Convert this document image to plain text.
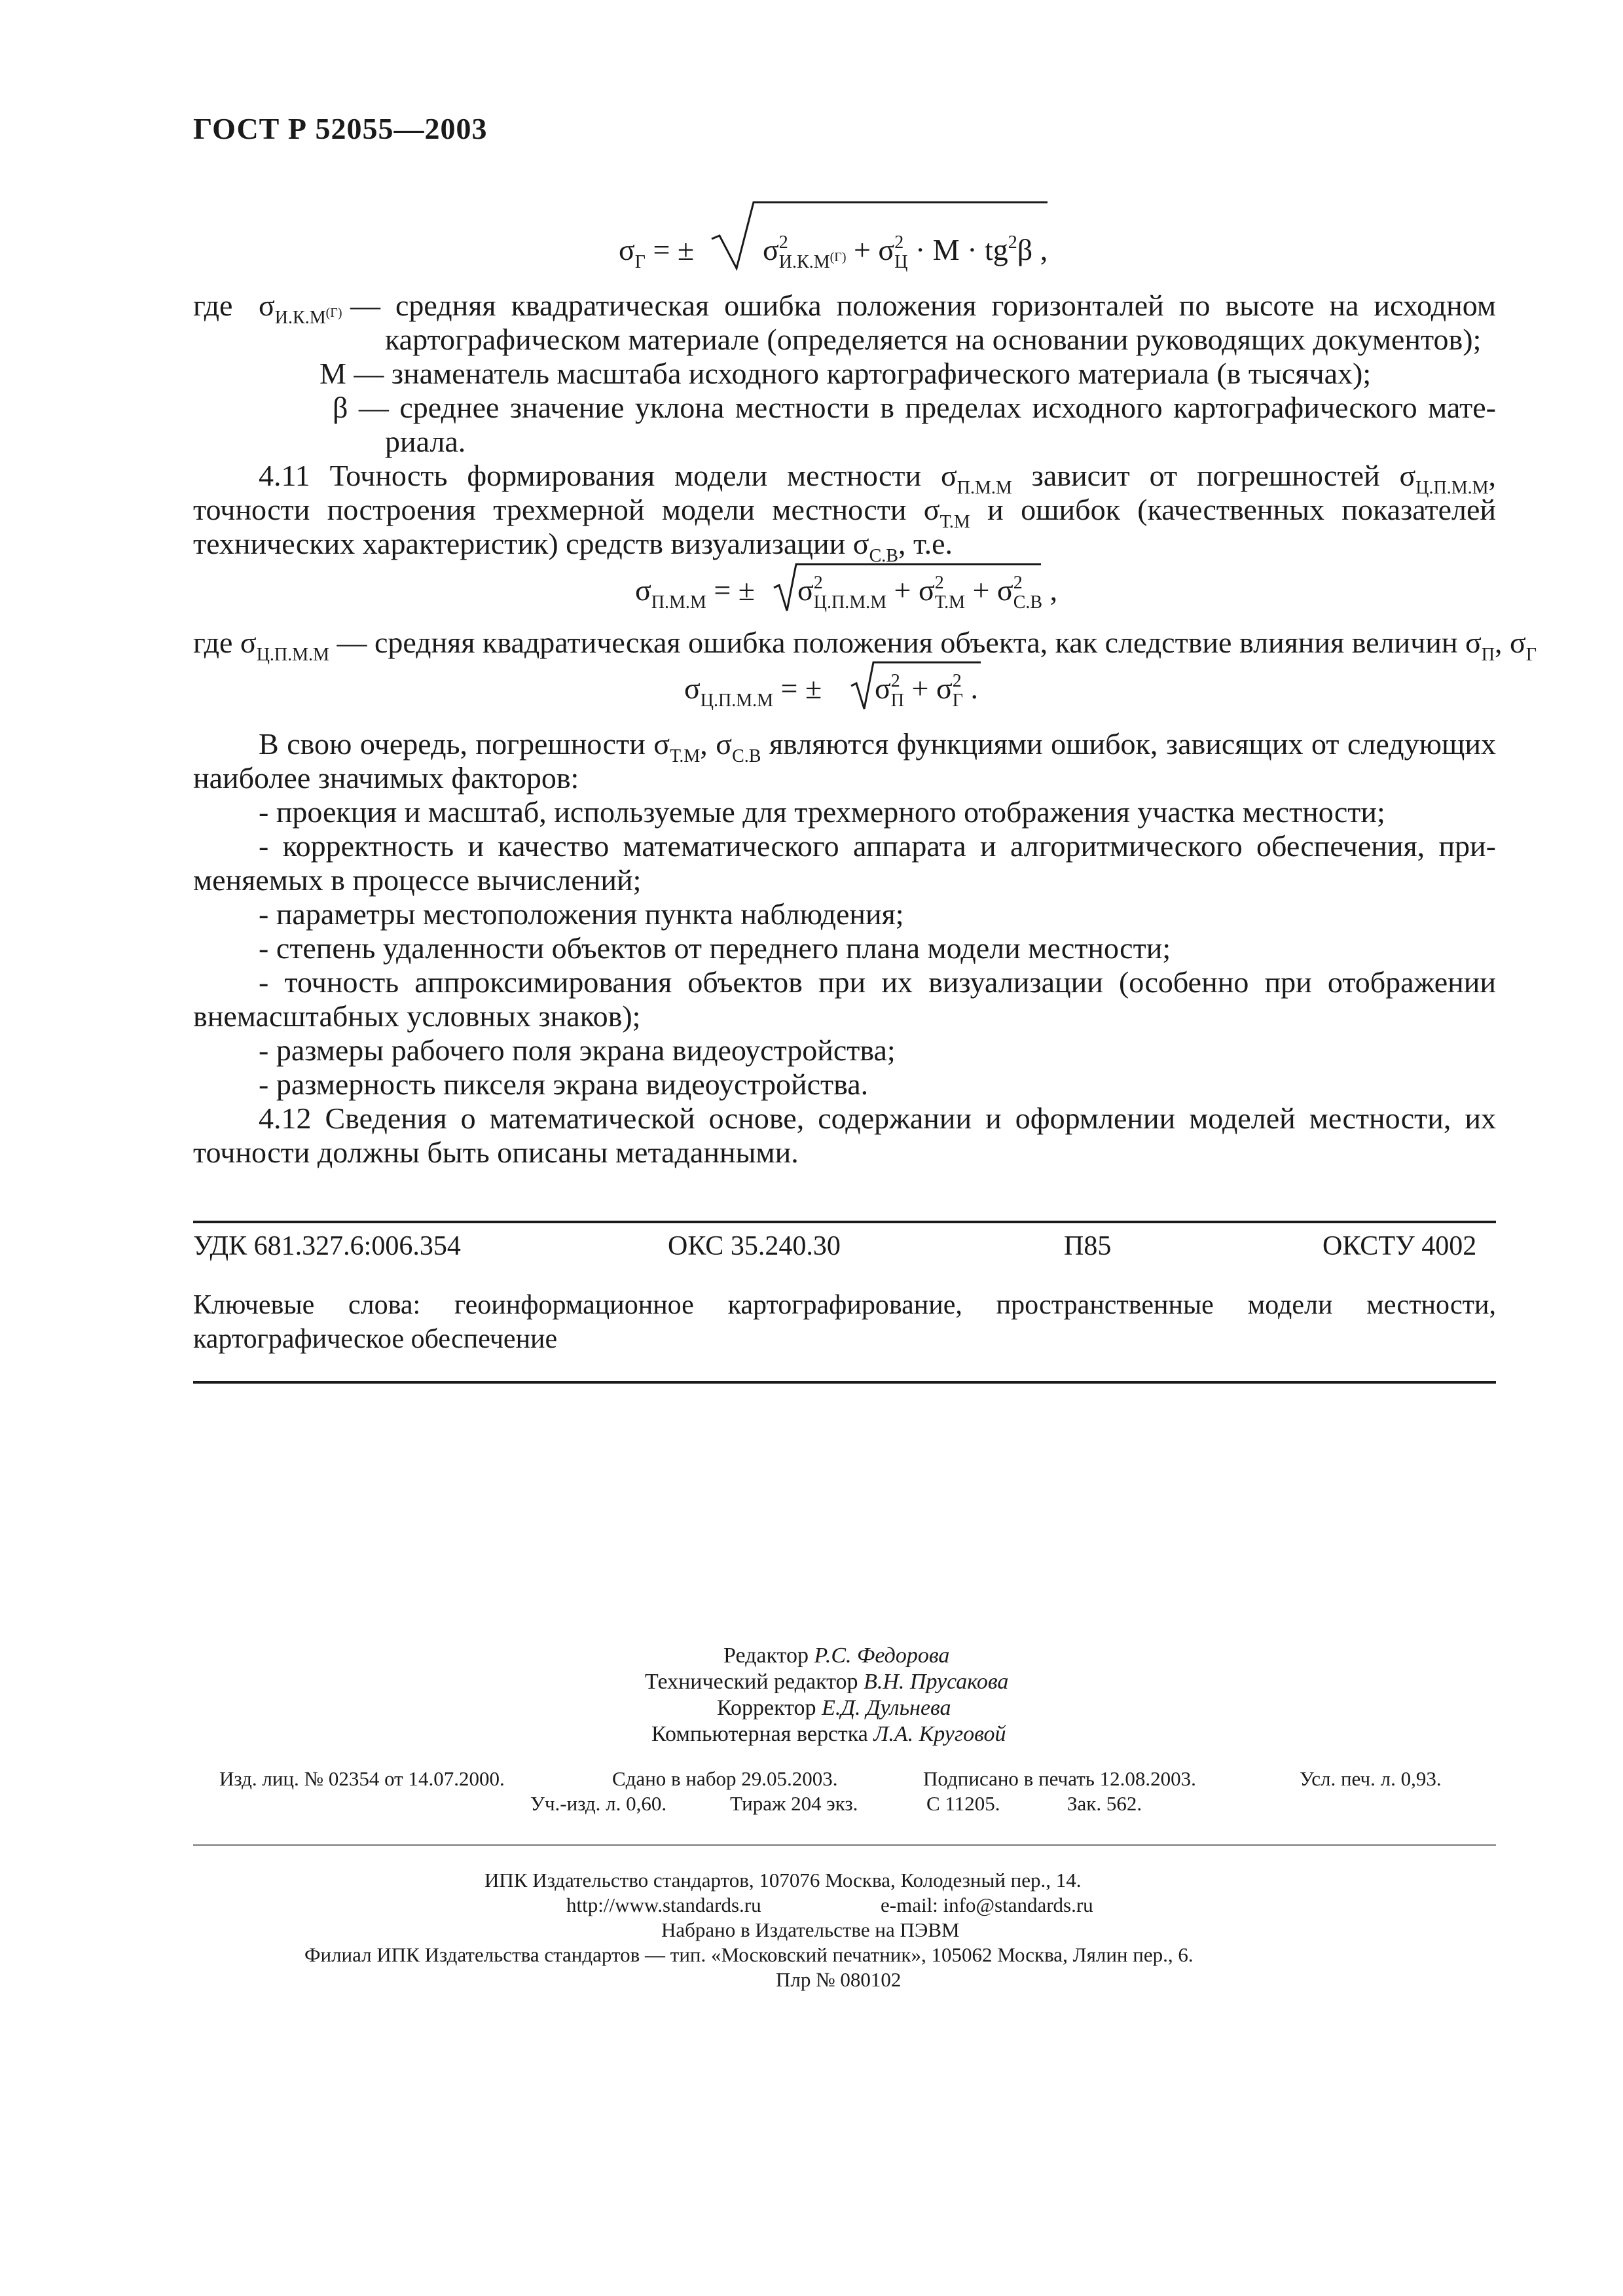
ГОСТ Р 52055—2003
$\sigma_Г$ = ± $\sigma^2_{И.К.М^{(Г)}} + \sigma^2_Ц \cdot M \cdot tg^2\beta$ ,
где $\sigma_{И.К.М^{(Г)}}$ — средняя квадратическая ошибка положения горизонталей по высоте на исходном
картографическом материале (определяется на основании руководящих документов);
M — знаменатель масштаба исходного картографического материала (в тысячах);
β — среднее значение уклона местности в пределах исходного картографического мате-
риала.
4.11 Точность формирования модели местности $\sigma_{П.М.М}$ зависит от погрешностей $\sigma_{Ц.П.М.М}$,
точности построения трехмерной модели местности $\sigma_{Т.М}$ и ошибок (качественных показателей
технических характеристик) средств визуализации $\sigma_{С.В}$, т.е.
$\sigma_{П.М.М}$ = ± $\sigma^2_{Ц.П.М.М} + \sigma^2_{Т.М} + \sigma^2_{С.В}$ ,
где $\sigma_{Ц.П.М.М}$ — средняя квадратическая ошибка положения объекта, как следствие влияния величин $\sigma_П$, $\sigma_Г$
$\sigma_{Ц.П.М.М}$ = ± $\sigma^2_П + \sigma^2_Г$ .
В свою очередь, погрешности $\sigma_{Т.М}$, $\sigma_{С.В}$ являются функциями ошибок, зависящих от следующих
наиболее значимых факторов:
- проекция и масштаб, используемые для трехмерного отображения участка местности;
- корректность и качество математического аппарата и алгоритмического обеспечения, при-
меняемых в процессе вычислений;
- параметры местоположения пункта наблюдения;
- степень удаленности объектов от переднего плана модели местности;
- точность аппроксимирования объектов при их визуализации (особенно при отображении
внемасштабных условных знаков);
- размеры рабочего поля экрана видеоустройства;
- размерность пикселя экрана видеоустройства.
4.12 Сведения о математической основе, содержании и оформлении моделей местности, их
точности должны быть описаны метаданными.
УДК 681.327.6:006.354	ОКС 35.240.30	П85	ОКСТУ 4002
Ключевые слова: геоинформационное картографирование, пространственные модели местности,
картографическое обеспечение
Редактор Р.С. Федорова
Технический редактор В.Н. Прусакова
Корректор Е.Д. Дульнева
Компьютерная верстка Л.А. Круговой
Изд. лиц. № 02354 от 14.07.2000.	Сдано в набор 29.05.2003.	Подписано в печать 12.08.2003.	Усл. печ. л. 0,93.
Уч.-изд. л. 0,60.	Тираж 204 экз.	С 11205.	Зак. 562.
ИПК Издательство стандартов, 107076 Москва, Колодезный пер., 14.
http://www.standards.ru	e-mail: info@standards.ru
Набрано в Издательстве на ПЭВМ
Филиал ИПК Издательства стандартов — тип. «Московский печатник», 105062 Москва, Лялин пер., 6.
Плр № 080102
